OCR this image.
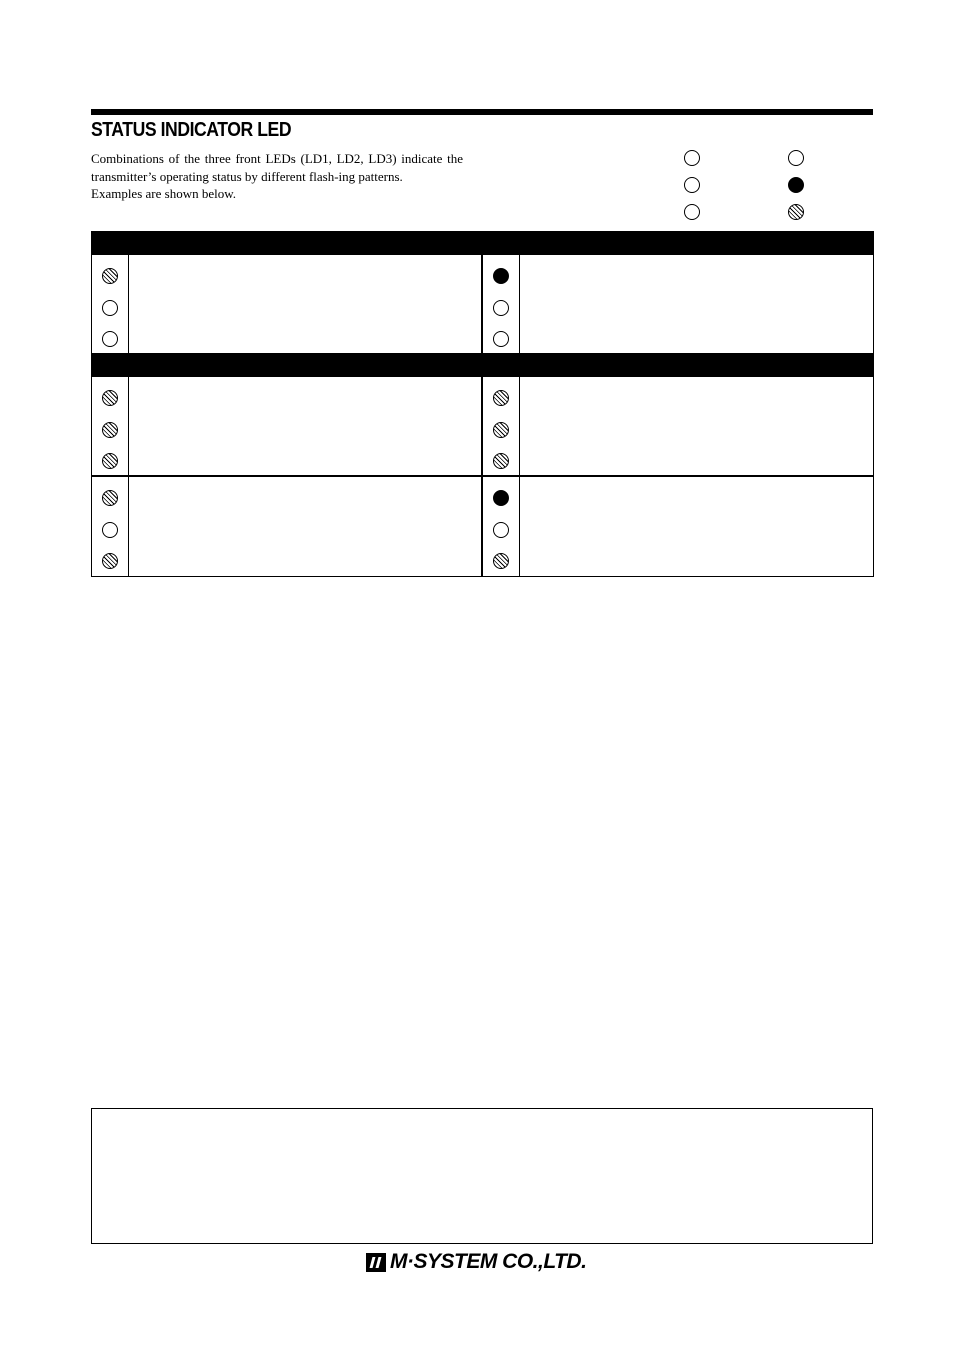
STATUS INDICATOR LED

Combinations of the three front LEDs (LD1, LD2, LD3) indicate the transmitter’s operating status by different flash-ing patterns.

Examples are shown below.

M·SYSTEM CO.,LTD.
